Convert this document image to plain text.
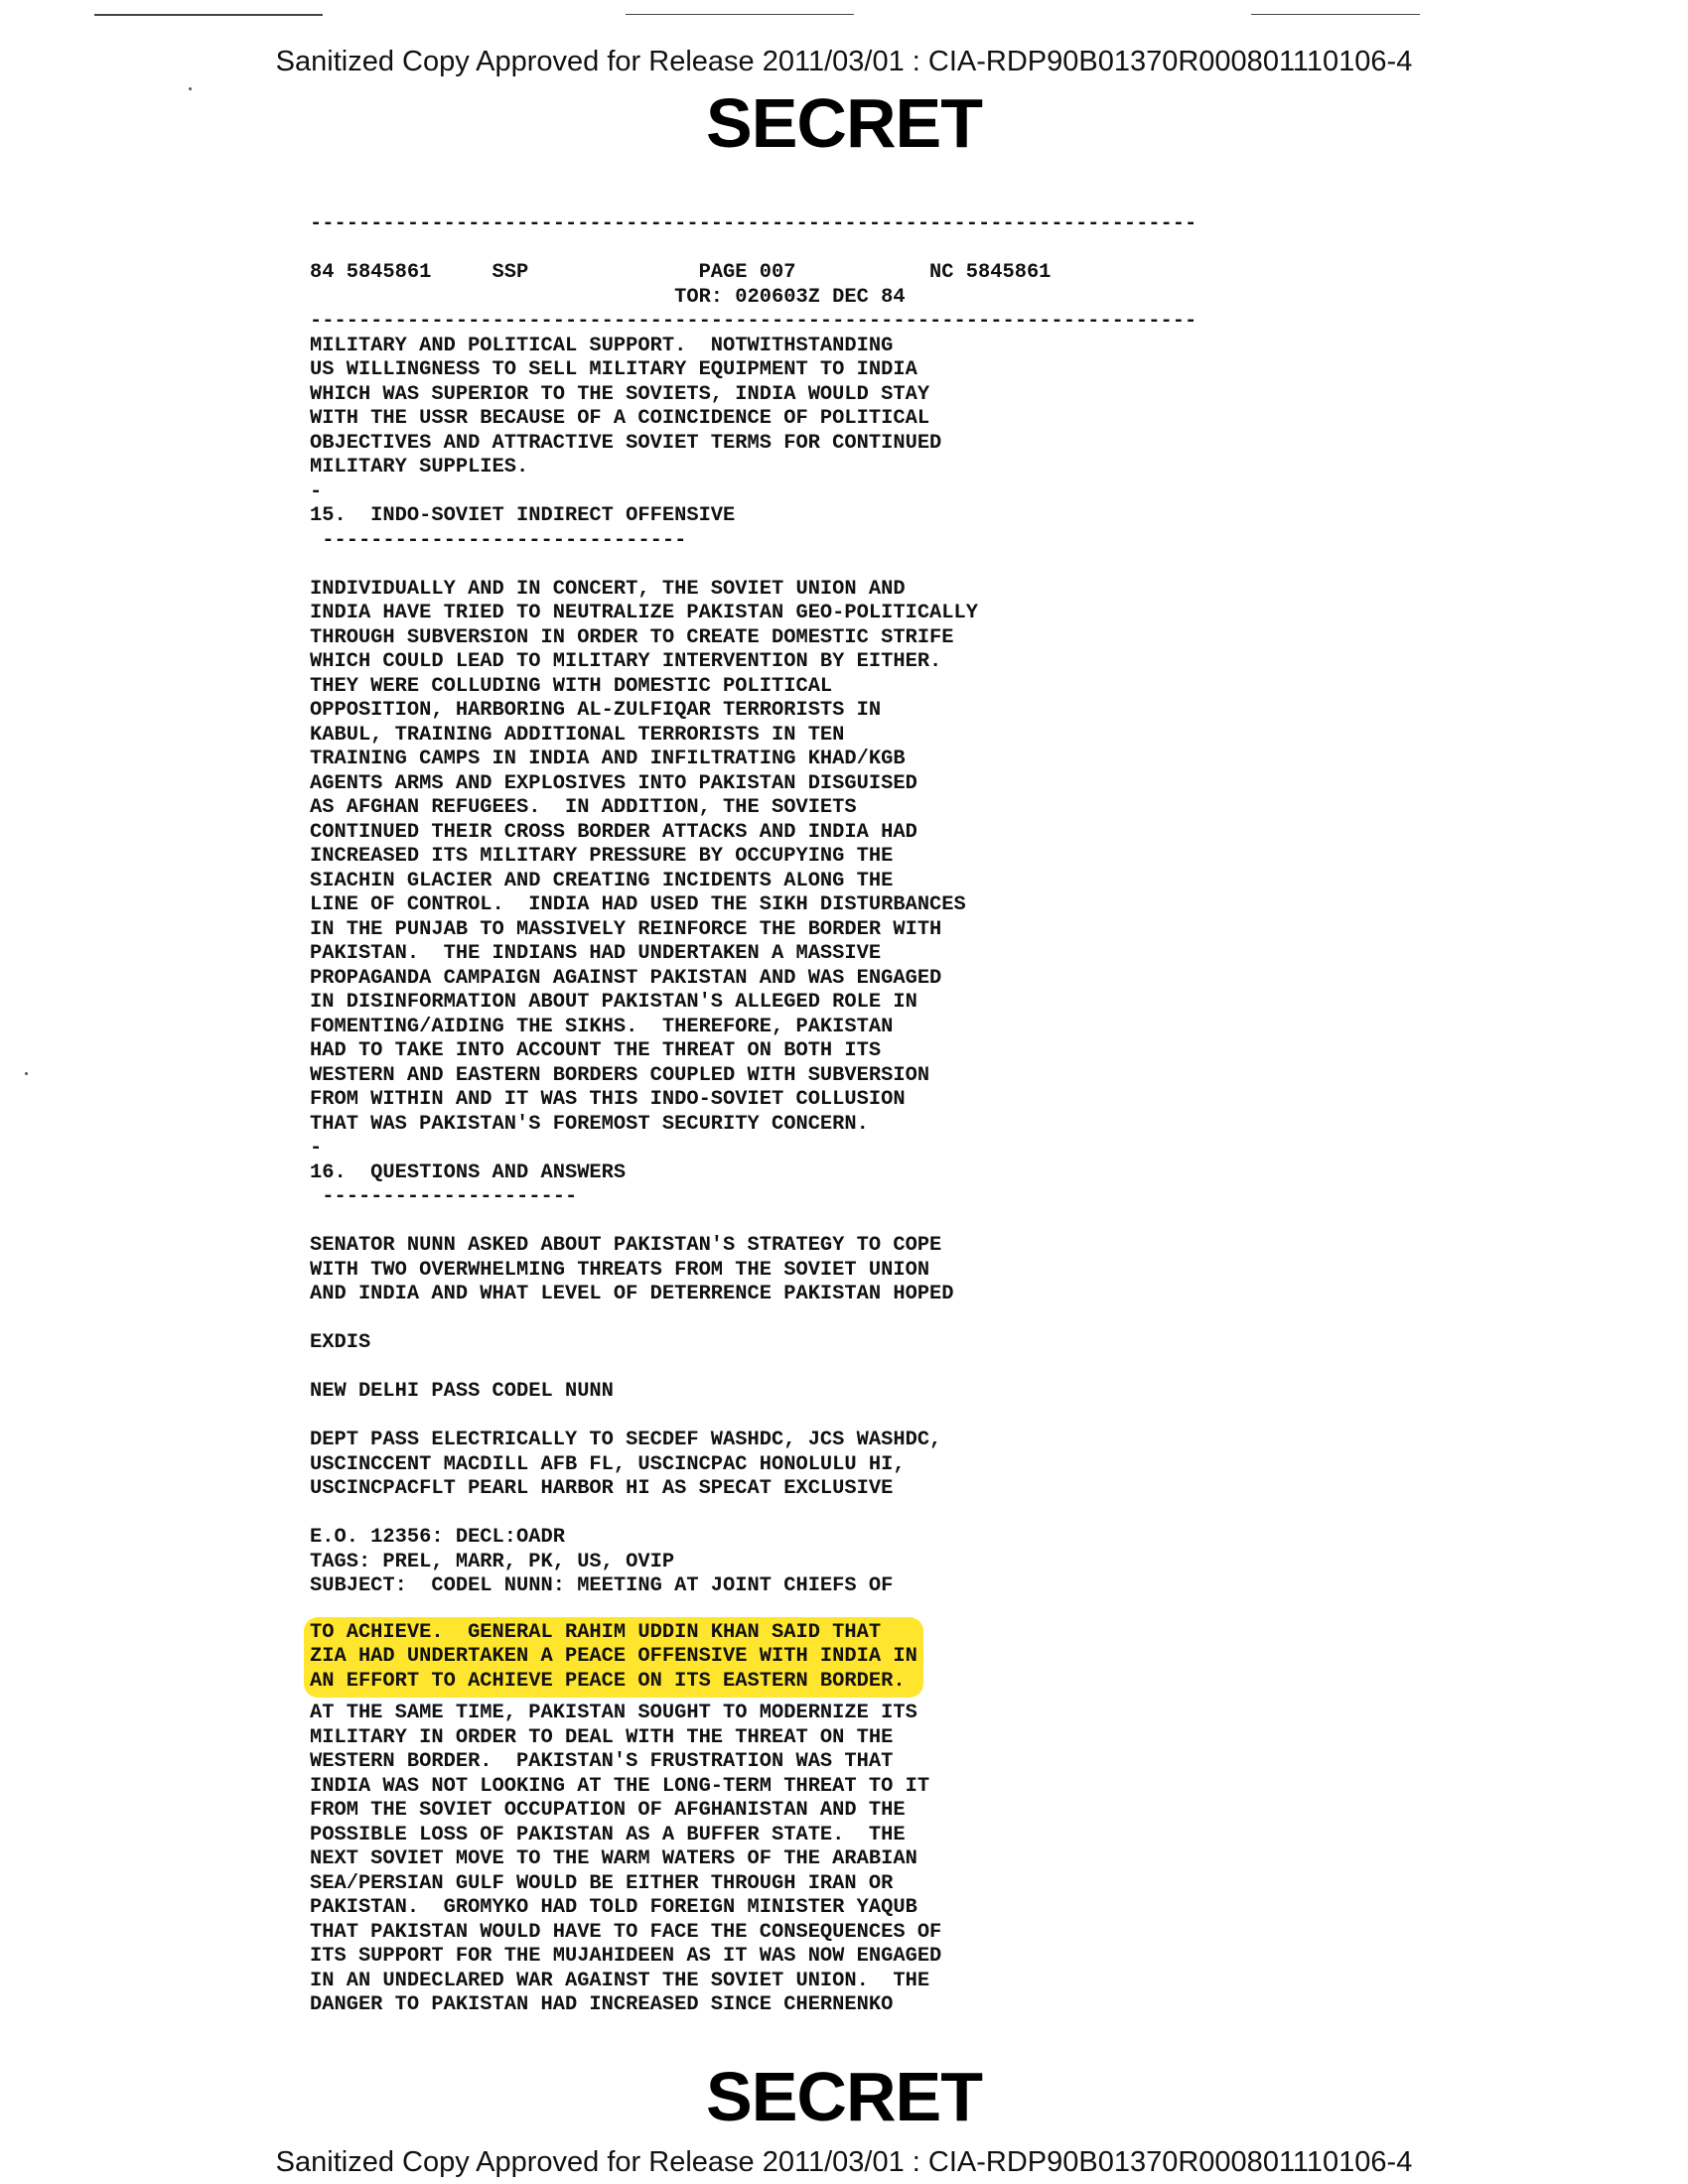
Sanitized Copy Approved for Release 2011/03/01 : CIA-RDP90B01370R000801110106-4
SECRET
-------------------------------------------------------------------------
84 5845861     SSP              PAGE 007           NC 5845861
TOR: 020603Z DEC 84
-------------------------------------------------------------------------
MILITARY AND POLITICAL SUPPORT.  NOTWITHSTANDING
US WILLINGNESS TO SELL MILITARY EQUIPMENT TO INDIA
WHICH WAS SUPERIOR TO THE SOVIETS, INDIA WOULD STAY
WITH THE USSR BECAUSE OF A COINCIDENCE OF POLITICAL
OBJECTIVES AND ATTRACTIVE SOVIET TERMS FOR CONTINUED
MILITARY SUPPLIES.
-
15.  INDO-SOVIET INDIRECT OFFENSIVE
------------------------------
INDIVIDUALLY AND IN CONCERT, THE SOVIET UNION AND
INDIA HAVE TRIED TO NEUTRALIZE PAKISTAN GEO-POLITICALLY
THROUGH SUBVERSION IN ORDER TO CREATE DOMESTIC STRIFE
WHICH COULD LEAD TO MILITARY INTERVENTION BY EITHER.
THEY WERE COLLUDING WITH DOMESTIC POLITICAL
OPPOSITION, HARBORING AL-ZULFIQAR TERRORISTS IN
KABUL, TRAINING ADDITIONAL TERRORISTS IN TEN
TRAINING CAMPS IN INDIA AND INFILTRATING KHAD/KGB
AGENTS ARMS AND EXPLOSIVES INTO PAKISTAN DISGUISED
AS AFGHAN REFUGEES.  IN ADDITION, THE SOVIETS
CONTINUED THEIR CROSS BORDER ATTACKS AND INDIA HAD
INCREASED ITS MILITARY PRESSURE BY OCCUPYING THE
SIACHIN GLACIER AND CREATING INCIDENTS ALONG THE
LINE OF CONTROL.  INDIA HAD USED THE SIKH DISTURBANCES
IN THE PUNJAB TO MASSIVELY REINFORCE THE BORDER WITH
PAKISTAN.  THE INDIANS HAD UNDERTAKEN A MASSIVE
PROPAGANDA CAMPAIGN AGAINST PAKISTAN AND WAS ENGAGED
IN DISINFORMATION ABOUT PAKISTAN'S ALLEGED ROLE IN
FOMENTING/AIDING THE SIKHS.  THEREFORE, PAKISTAN
HAD TO TAKE INTO ACCOUNT THE THREAT ON BOTH ITS
WESTERN AND EASTERN BORDERS COUPLED WITH SUBVERSION
FROM WITHIN AND IT WAS THIS INDO-SOVIET COLLUSION
THAT WAS PAKISTAN'S FOREMOST SECURITY CONCERN.
-
16.  QUESTIONS AND ANSWERS
---------------------
SENATOR NUNN ASKED ABOUT PAKISTAN'S STRATEGY TO COPE
WITH TWO OVERWHELMING THREATS FROM THE SOVIET UNION
AND INDIA AND WHAT LEVEL OF DETERRENCE PAKISTAN HOPED
EXDIS
NEW DELHI PASS CODEL NUNN
DEPT PASS ELECTRICALLY TO SECDEF WASHDC, JCS WASHDC,
USCINCCENT MACDILL AFB FL, USCINCPAC HONOLULU HI,
USCINCPACFLT PEARL HARBOR HI AS SPECAT EXCLUSIVE
E.O. 12356: DECL:OADR
TAGS: PREL, MARR, PK, US, OVIP
SUBJECT:  CODEL NUNN: MEETING AT JOINT CHIEFS OF
TO ACHIEVE.  GENERAL RAHIM UDDIN KHAN SAID THAT
ZIA HAD UNDERTAKEN A PEACE OFFENSIVE WITH INDIA IN
AN EFFORT TO ACHIEVE PEACE ON ITS EASTERN BORDER.
AT THE SAME TIME, PAKISTAN SOUGHT TO MODERNIZE ITS
MILITARY IN ORDER TO DEAL WITH THE THREAT ON THE
WESTERN BORDER.  PAKISTAN'S FRUSTRATION WAS THAT
INDIA WAS NOT LOOKING AT THE LONG-TERM THREAT TO IT
FROM THE SOVIET OCCUPATION OF AFGHANISTAN AND THE
POSSIBLE LOSS OF PAKISTAN AS A BUFFER STATE.  THE
NEXT SOVIET MOVE TO THE WARM WATERS OF THE ARABIAN
SEA/PERSIAN GULF WOULD BE EITHER THROUGH IRAN OR
PAKISTAN.  GROMYKO HAD TOLD FOREIGN MINISTER YAQUB
THAT PAKISTAN WOULD HAVE TO FACE THE CONSEQUENCES OF
ITS SUPPORT FOR THE MUJAHIDEEN AS IT WAS NOW ENGAGED
IN AN UNDECLARED WAR AGAINST THE SOVIET UNION.  THE
DANGER TO PAKISTAN HAD INCREASED SINCE CHERNENKO
SECRET
Sanitized Copy Approved for Release 2011/03/01 : CIA-RDP90B01370R000801110106-4
